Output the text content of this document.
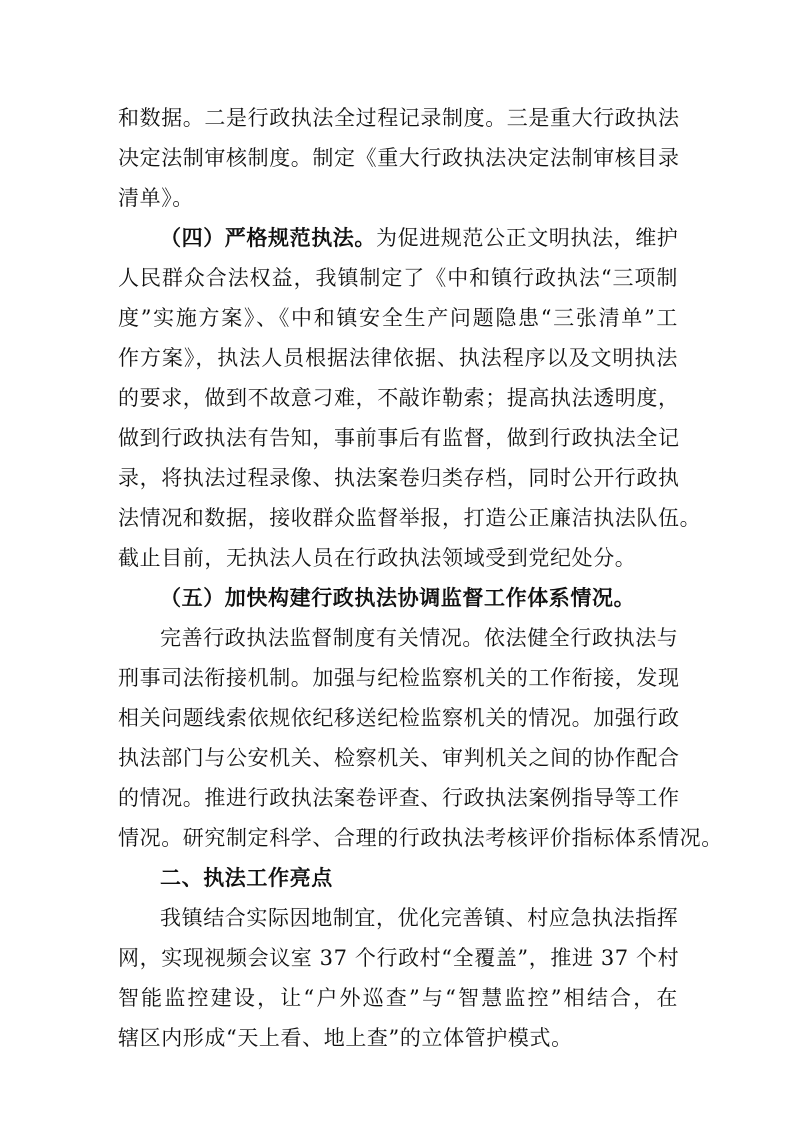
和数据。二是行政执法全过程记录制度。三是重大行政执法
决定法制审核制度。制定《重大行政执法决定法制审核目录
清单》。
（四）严格规范执法。为促进规范公正文明执法，维护
人民群众合法权益，我镇制定了《中和镇行政执法“三项制
度”实施方案》、《中和镇安全生产问题隐患“三张清单”工
作方案》，执法人员根据法律依据、执法程序以及文明执法
的要求，做到不故意刁难，不敲诈勒索；提高执法透明度，
做到行政执法有告知，事前事后有监督，做到行政执法全记
录，将执法过程录像、执法案卷归类存档，同时公开行政执
法情况和数据，接收群众监督举报，打造公正廉洁执法队伍。
截止目前，无执法人员在行政执法领域受到党纪处分。
（五）加快构建行政执法协调监督工作体系情况。
完善行政执法监督制度有关情况。依法健全行政执法与
刑事司法衔接机制。加强与纪检监察机关的工作衔接，发现
相关问题线索依规依纪移送纪检监察机关的情况。加强行政
执法部门与公安机关、检察机关、审判机关之间的协作配合
的情况。推进行政执法案卷评查、行政执法案例指导等工作
情况。研究制定科学、合理的行政执法考核评价指标体系情况。
二、执法工作亮点
我镇结合实际因地制宜，优化完善镇、村应急执法指挥
网，实现视频会议室 37 个行政村“全覆盖”，推进 37 个村
智能监控建设，让“户外巡查”与“智慧监控”相结合，在
辖区内形成“天上看、地上查”的立体管护模式。
